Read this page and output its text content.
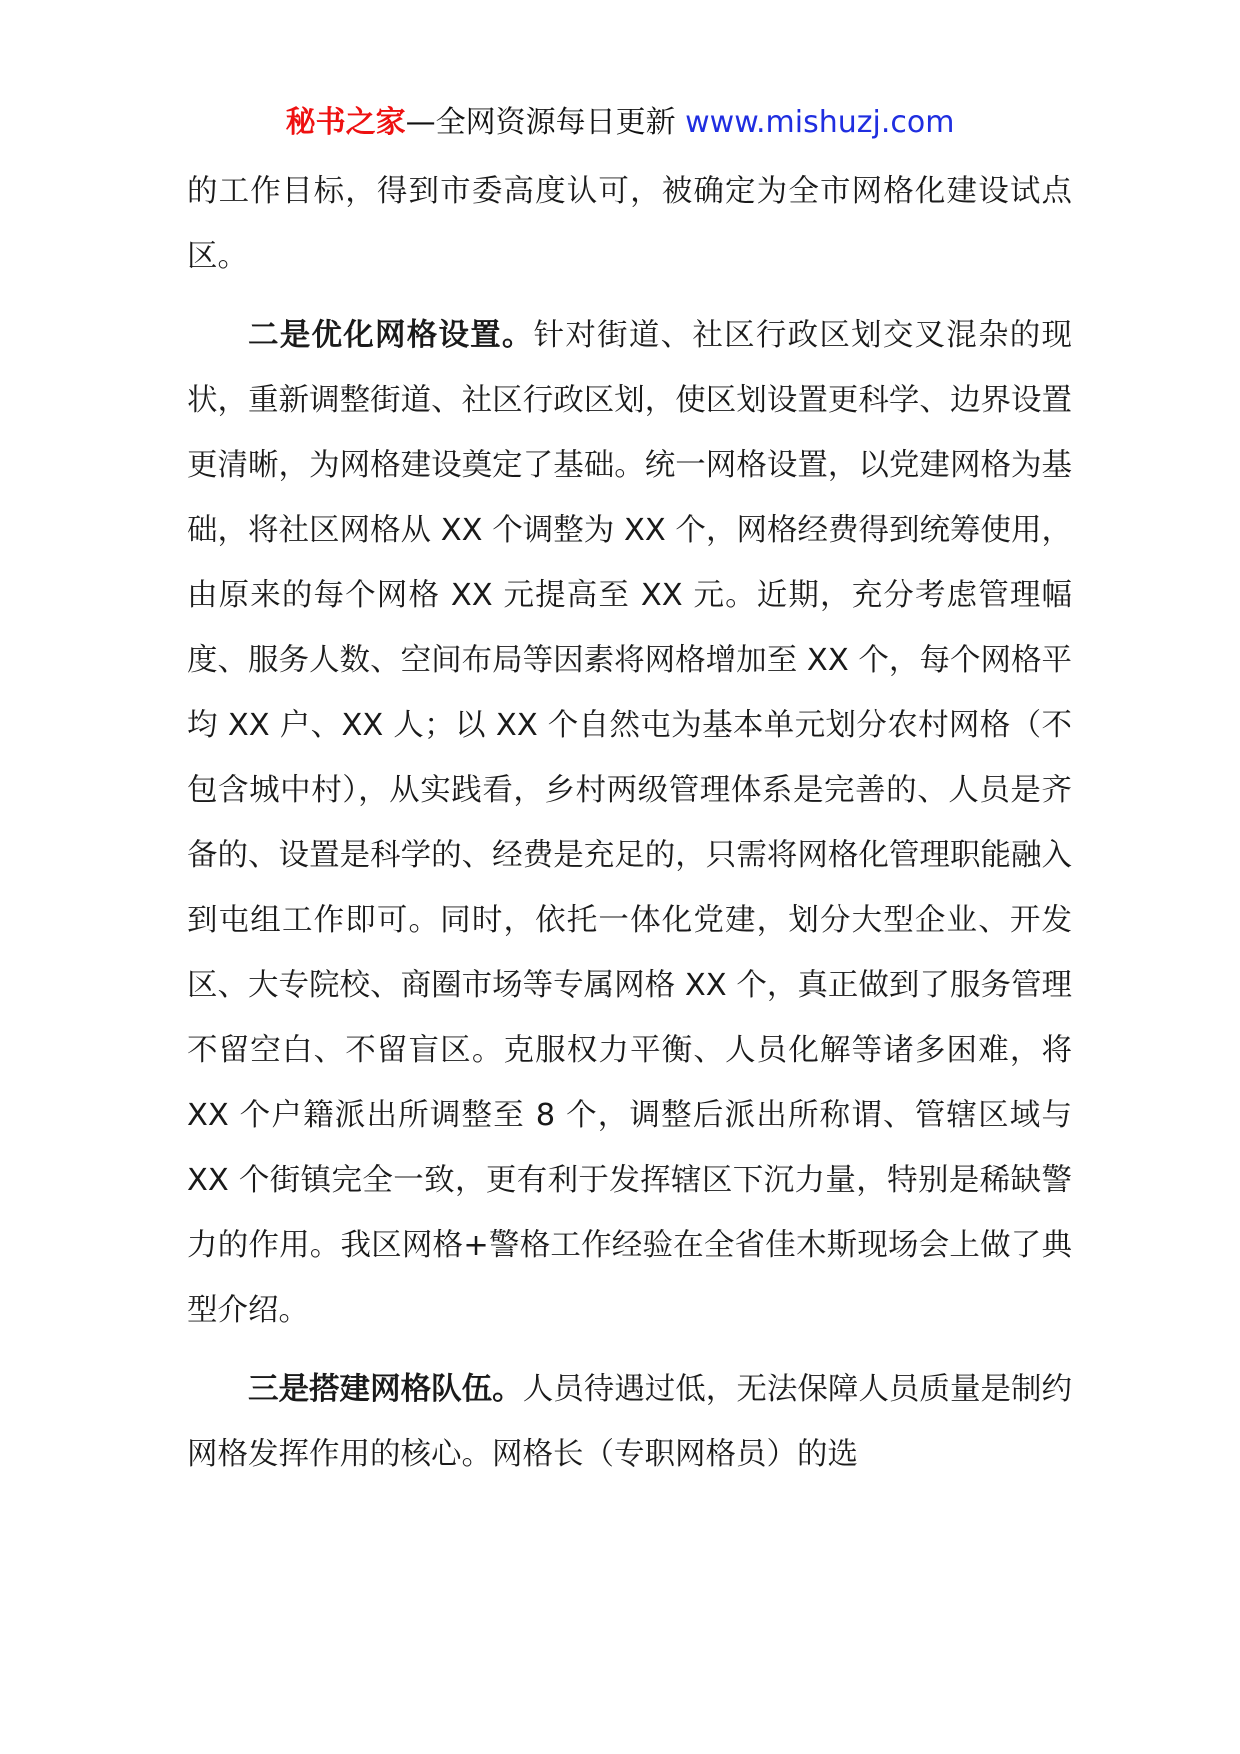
秘书之家—全网资源每日更新 www.mishuzj.com

的工作目标，得到市委高度认可，被确定为全市网格化建设试点区。

二是优化网格设置。针对街道、社区行政区划交叉混杂的现状，重新调整街道、社区行政区划，使区划设置更科学、边界设置更清晰，为网格建设奠定了基础。统一网格设置，以党建网格为基础，将社区网格从 XX 个调整为 XX 个，网格经费得到统筹使用，由原来的每个网格 XX 元提高至 XX 元。近期，充分考虑管理幅度、服务人数、空间布局等因素将网格增加至 XX 个，每个网格平均 XX 户、XX 人；以 XX 个自然屯为基本单元划分农村网格（不包含城中村），从实践看，乡村两级管理体系是完善的、人员是齐备的、设置是科学的、经费是充足的，只需将网格化管理职能融入到屯组工作即可。同时，依托一体化党建，划分大型企业、开发区、大专院校、商圈市场等专属网格 XX 个，真正做到了服务管理不留空白、不留盲区。克服权力平衡、人员化解等诸多困难，将 XX 个户籍派出所调整至 8 个，调整后派出所称谓、管辖区域与 XX 个街镇完全一致，更有利于发挥辖区下沉力量，特别是稀缺警力的作用。我区网格+警格工作经验在全省佳木斯现场会上做了典型介绍。

三是搭建网格队伍。人员待遇过低，无法保障人员质量是制约网格发挥作用的核心。网格长（专职网格员）的选
